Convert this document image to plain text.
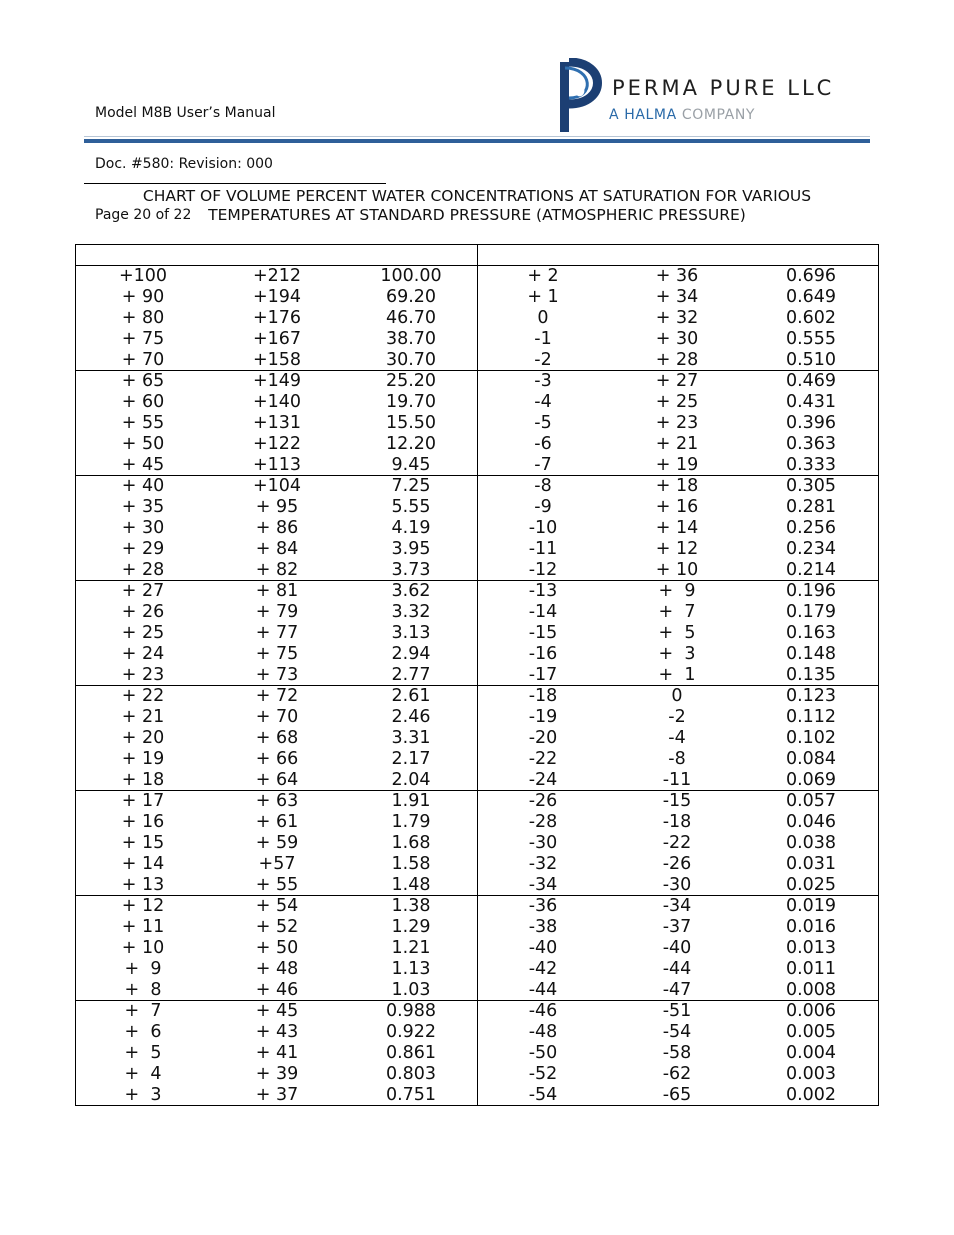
Model M8B User’s Manual

Doc. #580: Revision: 000

Page 20 of 22

PERMA PURE LLC
A HALMA COMPANY
CHART OF VOLUME PERCENT WATER CONCENTRATIONS AT SATURATION FOR VARIOUS
TEMPERATURES AT STANDARD PRESSURE (ATMOSPHERIC PRESSURE)
+100	+212	100.00	+ 2	+ 36	0.696
+ 90	+194	69.20	+ 1	+ 34	0.649
+ 80	+176	46.70	0	+ 32	0.602
+ 75	+167	38.70	-1	+ 30	0.555
+ 70	+158	30.70	-2	+ 28	0.510
+ 65	+149	25.20	-3	+ 27	0.469
+ 60	+140	19.70	-4	+ 25	0.431
+ 55	+131	15.50	-5	+ 23	0.396
+ 50	+122	12.20	-6	+ 21	0.363
+ 45	+113	9.45	-7	+ 19	0.333
+ 40	+104	7.25	-8	+ 18	0.305
+ 35	+ 95	5.55	-9	+ 16	0.281
+ 30	+ 86	4.19	-10	+ 14	0.256
+ 29	+ 84	3.95	-11	+ 12	0.234
+ 28	+ 82	3.73	-12	+ 10	0.214
+ 27	+ 81	3.62	-13	+  9	0.196
+ 26	+ 79	3.32	-14	+  7	0.179
+ 25	+ 77	3.13	-15	+  5	0.163
+ 24	+ 75	2.94	-16	+  3	0.148
+ 23	+ 73	2.77	-17	+  1	0.135
+ 22	+ 72	2.61	-18	0	0.123
+ 21	+ 70	2.46	-19	-2	0.112
+ 20	+ 68	3.31	-20	-4	0.102
+ 19	+ 66	2.17	-22	-8	0.084
+ 18	+ 64	2.04	-24	-11	0.069
+ 17	+ 63	1.91	-26	-15	0.057
+ 16	+ 61	1.79	-28	-18	0.046
+ 15	+ 59	1.68	-30	-22	0.038
+ 14	+57	1.58	-32	-26	0.031
+ 13	+ 55	1.48	-34	-30	0.025
+ 12	+ 54	1.38	-36	-34	0.019
+ 11	+ 52	1.29	-38	-37	0.016
+ 10	+ 50	1.21	-40	-40	0.013
+  9	+ 48	1.13	-42	-44	0.011
+  8	+ 46	1.03	-44	-47	0.008
+  7	+ 45	0.988	-46	-51	0.006
+  6	+ 43	0.922	-48	-54	0.005
+  5	+ 41	0.861	-50	-58	0.004
+  4	+ 39	0.803	-52	-62	0.003
+  3	+ 37	0.751	-54	-65	0.002
